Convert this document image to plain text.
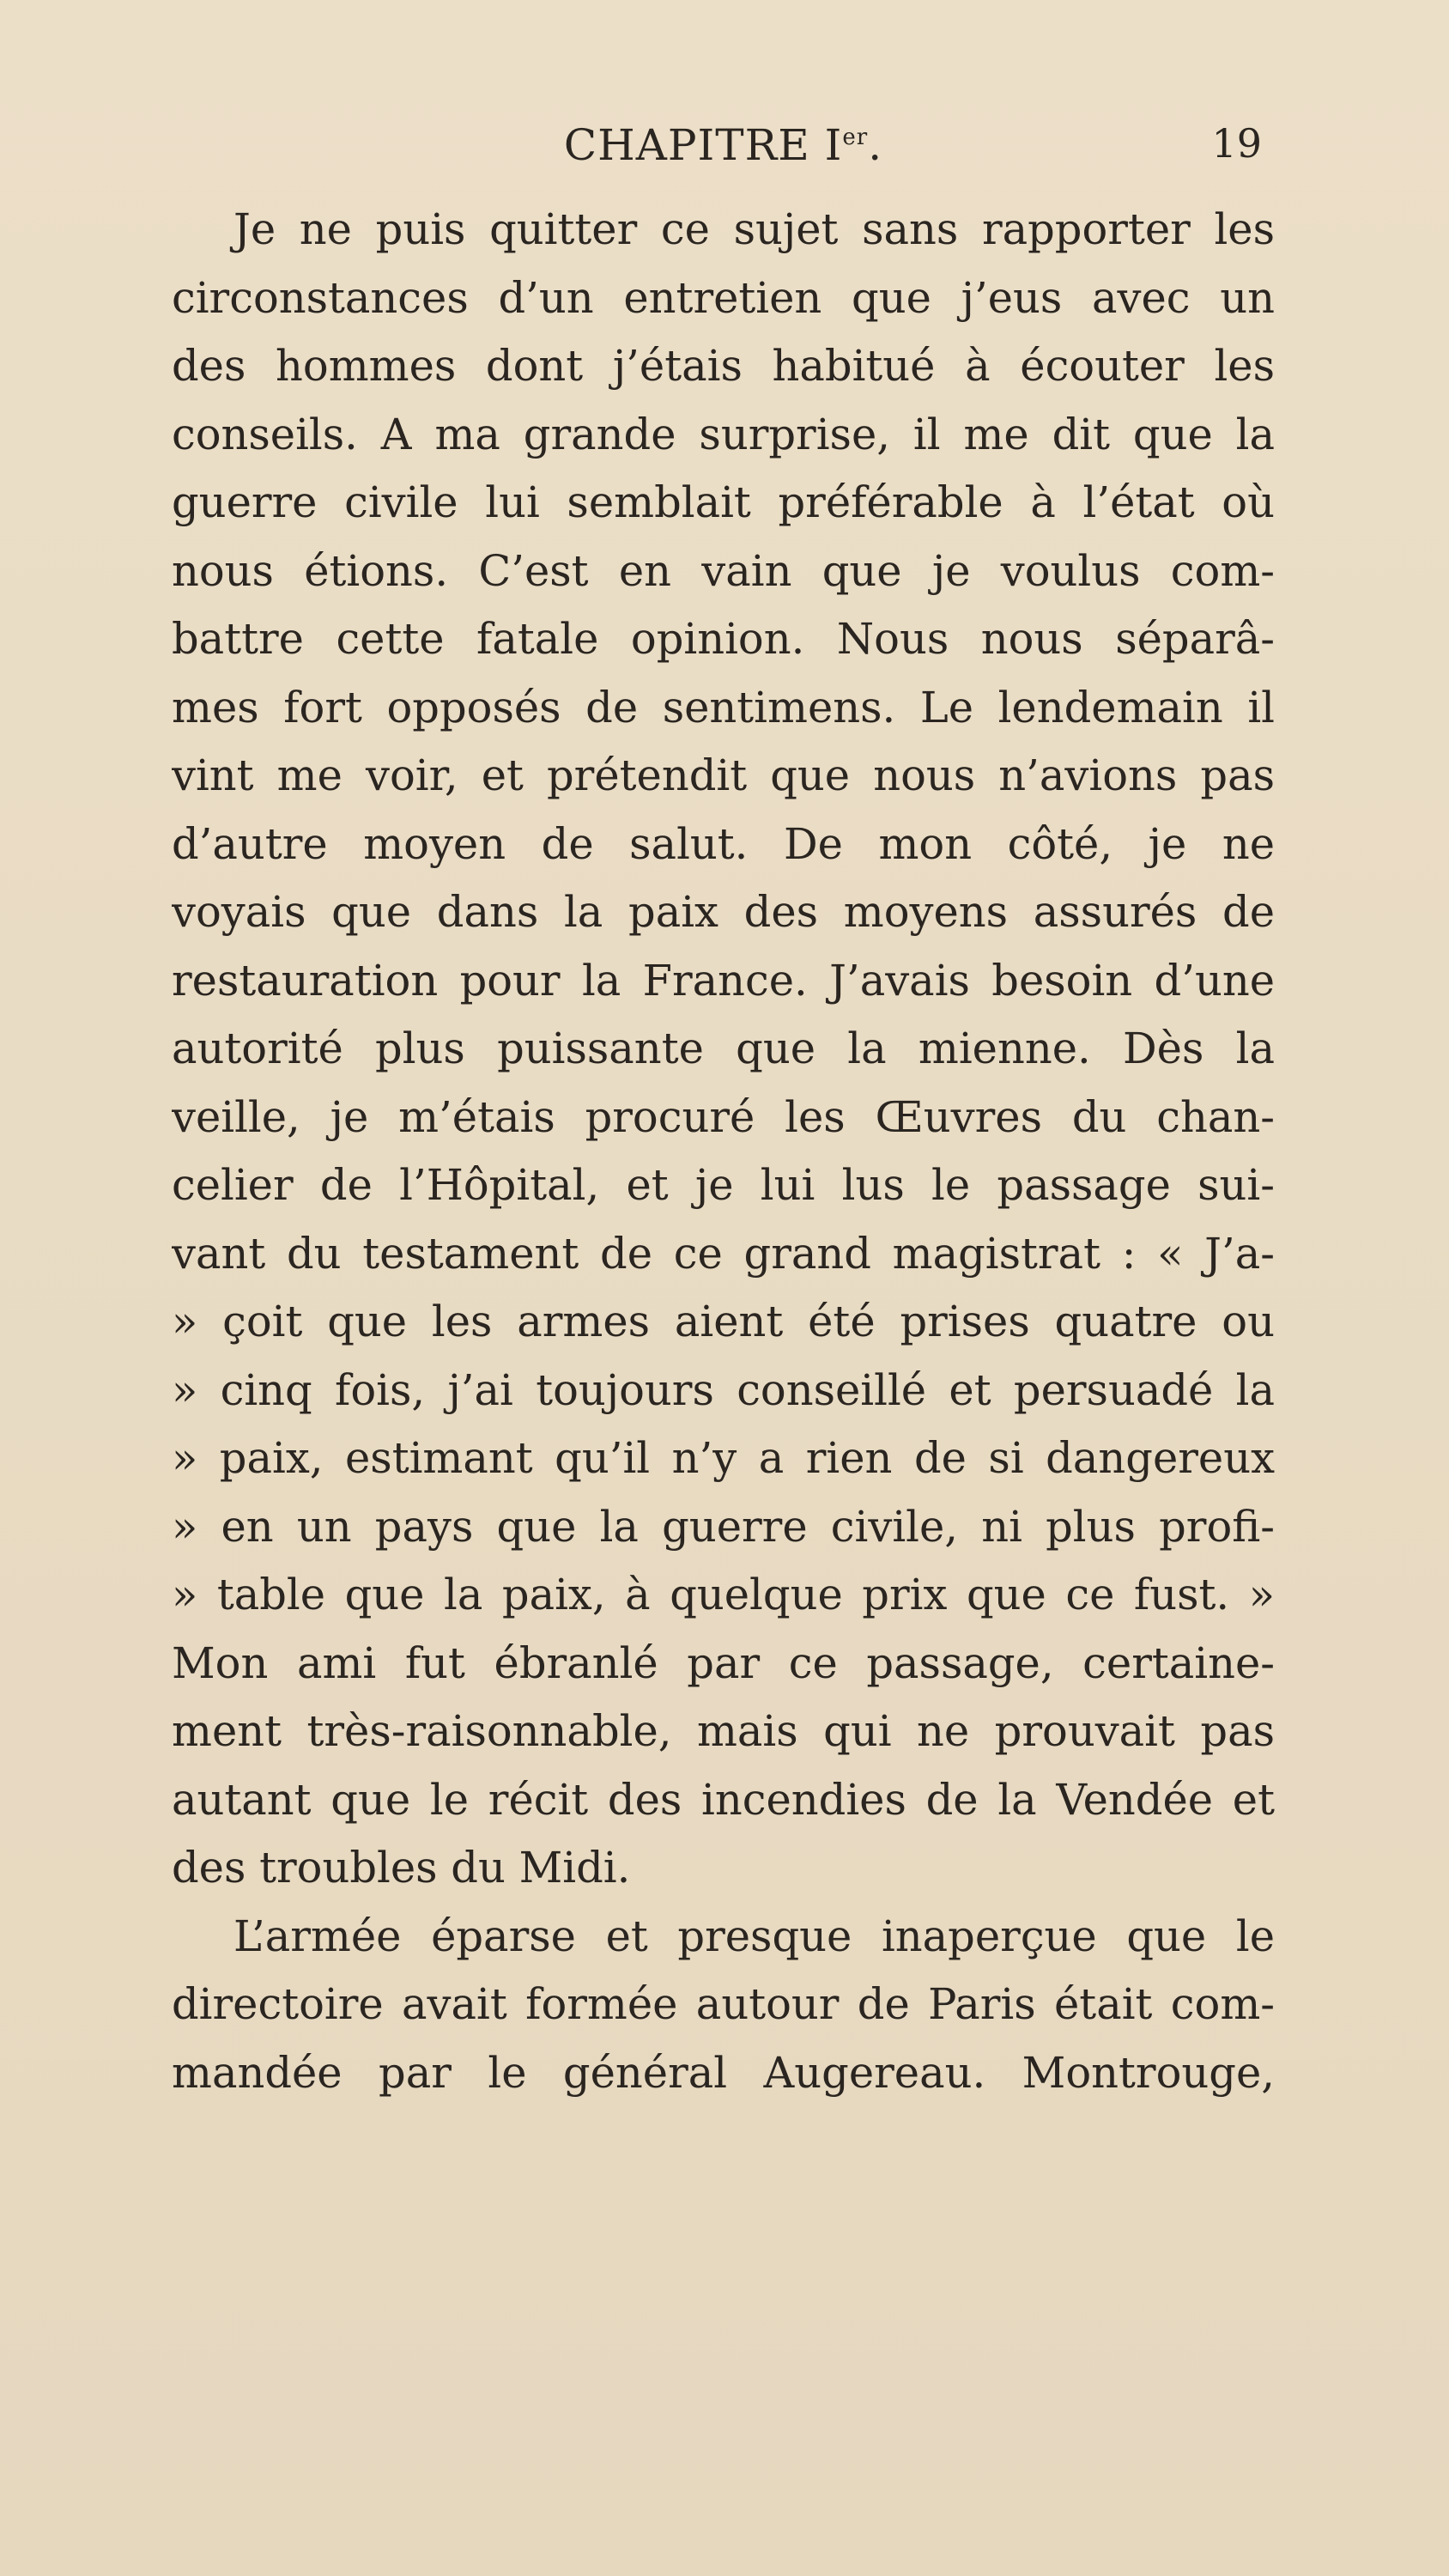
CHAPITRE Ier.	19
Je ne puis quitter ce sujet sans rapporter les
circonstances d’un entretien que j’eus avec un
des hommes dont j’étais habitué à écouter les
conseils. A ma grande surprise, il me dit que la
guerre civile lui semblait préférable à l’état où
nous étions. C’est en vain que je voulus com-
battre cette fatale opinion. Nous nous séparâ-
mes fort opposés de sentimens. Le lendemain il
vint me voir, et prétendit que nous n’avions pas
d’autre moyen de salut. De mon côté, je ne
voyais que dans la paix des moyens assurés de
restauration pour la France. J’avais besoin d’une
autorité plus puissante que la mienne. Dès la
veille, je m’étais procuré les Œuvres du chan-
celier de l’Hôpital, et je lui lus le passage sui-
vant du testament de ce grand magistrat : « J’a-
» çoit que les armes aient été prises quatre ou
» cinq fois, j’ai toujours conseillé et persuadé la
» paix, estimant qu’il n’y a rien de si dangereux
» en un pays que la guerre civile, ni plus profi-
» table que la paix, à quelque prix que ce fust. »
Mon ami fut ébranlé par ce passage, certaine-
ment très-raisonnable, mais qui ne prouvait pas
autant que le récit des incendies de la Vendée et
des troubles du Midi.
L’armée éparse et presque inaperçue que le
directoire avait formée autour de Paris était com-
mandée par le général Augereau. Montrouge,
